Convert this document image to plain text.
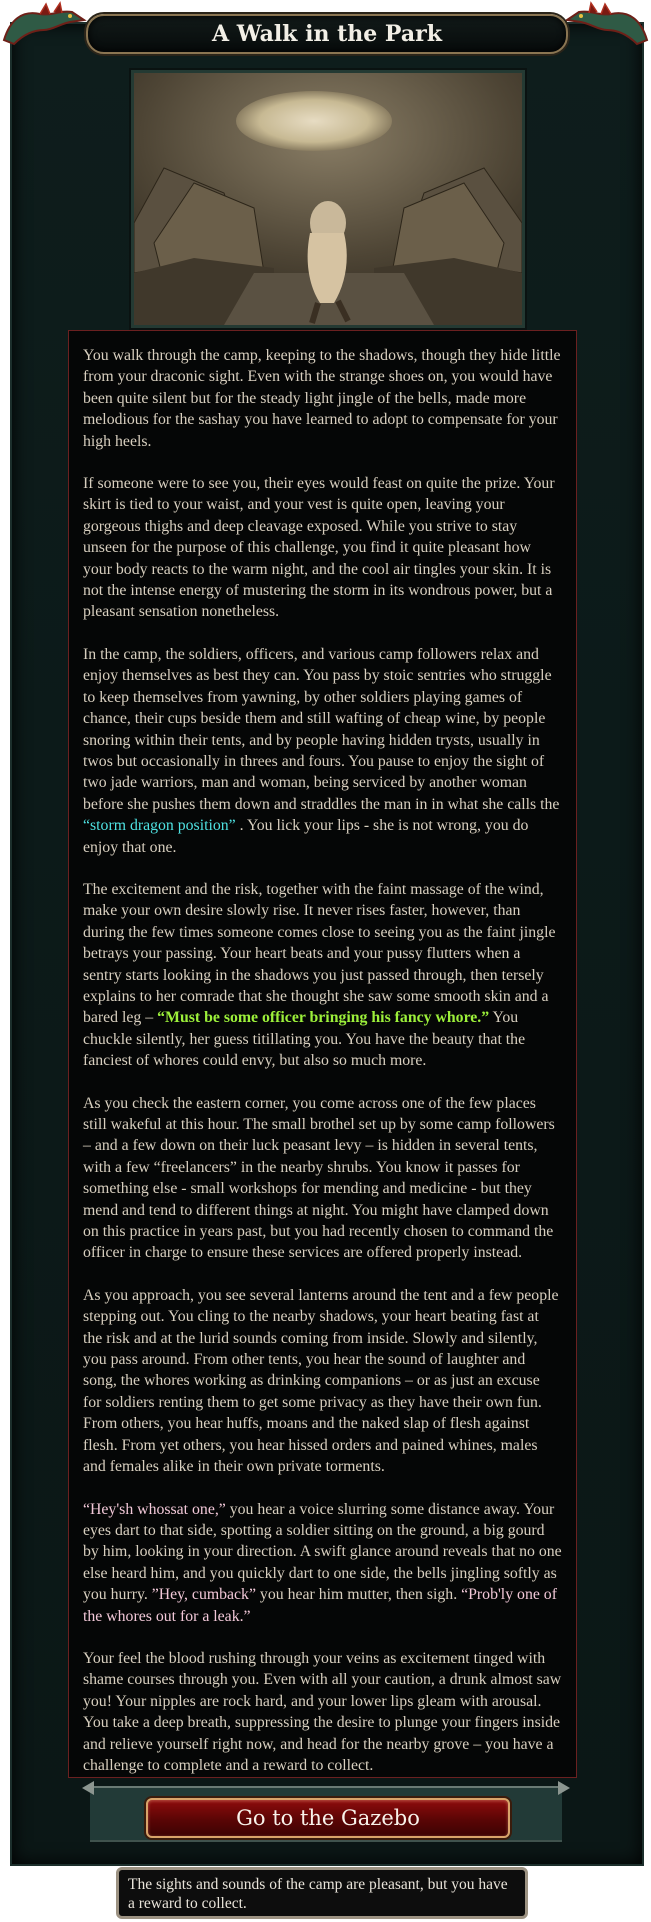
A Walk in the Park

You walk through the camp, keeping to the shadows, though they hide little from your draconic sight. Even with the strange shoes on, you would have been quite silent but for the steady light jingle of the bells, made more melodious for the sashay you have learned to adopt to compensate for your high heels.

If someone were to see you, their eyes would feast on quite the prize. Your skirt is tied to your waist, and your vest is quite open, leaving your gorgeous thighs and deep cleavage exposed. While you strive to stay unseen for the purpose of this challenge, you find it quite pleasant how your body reacts to the warm night, and the cool air tingles your skin. It is not the intense energy of mustering the storm in its wondrous power, but a pleasant sensation nonetheless.

In the camp, the soldiers, officers, and various camp followers relax and enjoy themselves as best they can. You pass by stoic sentries who struggle to keep themselves from yawning, by other soldiers playing games of chance, their cups beside them and still wafting of cheap wine, by people snoring within their tents, and by people having hidden trysts, usually in twos but occasionally in threes and fours. You pause to enjoy the sight of two jade warriors, man and woman, being serviced by another woman before she pushes them down and straddles the man in in what she calls the “storm dragon position” . You lick your lips - she is not wrong, you do enjoy that one.

The excitement and the risk, together with the faint massage of the wind, make your own desire slowly rise. It never rises faster, however, than during the few times someone comes close to seeing you as the faint jingle betrays your passing. Your heart beats and your pussy flutters when a sentry starts looking in the shadows you just passed through, then tersely explains to her comrade that she thought she saw some smooth skin and a bared leg – “Must be some officer bringing his fancy whore.” You chuckle silently, her guess titillating you. You have the beauty that the fanciest of whores could envy, but also so much more.

As you check the eastern corner, you come across one of the few places still wakeful at this hour. The small brothel set up by some camp followers – and a few down on their luck peasant levy – is hidden in several tents, with a few “freelancers” in the nearby shrubs. You know it passes for something else - small workshops for mending and medicine - but they mend and tend to different things at night. You might have clamped down on this practice in years past, but you had recently chosen to command the officer in charge to ensure these services are offered properly instead.

As you approach, you see several lanterns around the tent and a few people stepping out. You cling to the nearby shadows, your heart beating fast at the risk and at the lurid sounds coming from inside. Slowly and silently, you pass around. From other tents, you hear the sound of laughter and song, the whores working as drinking companions – or as just an excuse for soldiers renting them to get some privacy as they have their own fun. From others, you hear huffs, moans and the naked slap of flesh against flesh. From yet others, you hear hissed orders and pained whines, males and females alike in their own private torments.

“Hey'sh whossat one,” you hear a voice slurring some distance away. Your eyes dart to that side, spotting a soldier sitting on the ground, a big gourd by him, looking in your direction. A swift glance around reveals that no one else heard him, and you quickly dart to one side, the bells jingling softly as you hurry. ”Hey, cumback” you hear him mutter, then sigh. “Prob'ly one of the whores out for a leak.”

Your feel the blood rushing through your veins as excitement tinged with shame courses through you. Even with all your caution, a drunk almost saw you! Your nipples are rock hard, and your lower lips gleam with arousal. You take a deep breath, suppressing the desire to plunge your fingers inside and relieve yourself right now, and head for the nearby grove – you have a challenge to complete and a reward to collect.

Go to the Gazebo
The sights and sounds of the camp are pleasant, but you have a reward to collect.
